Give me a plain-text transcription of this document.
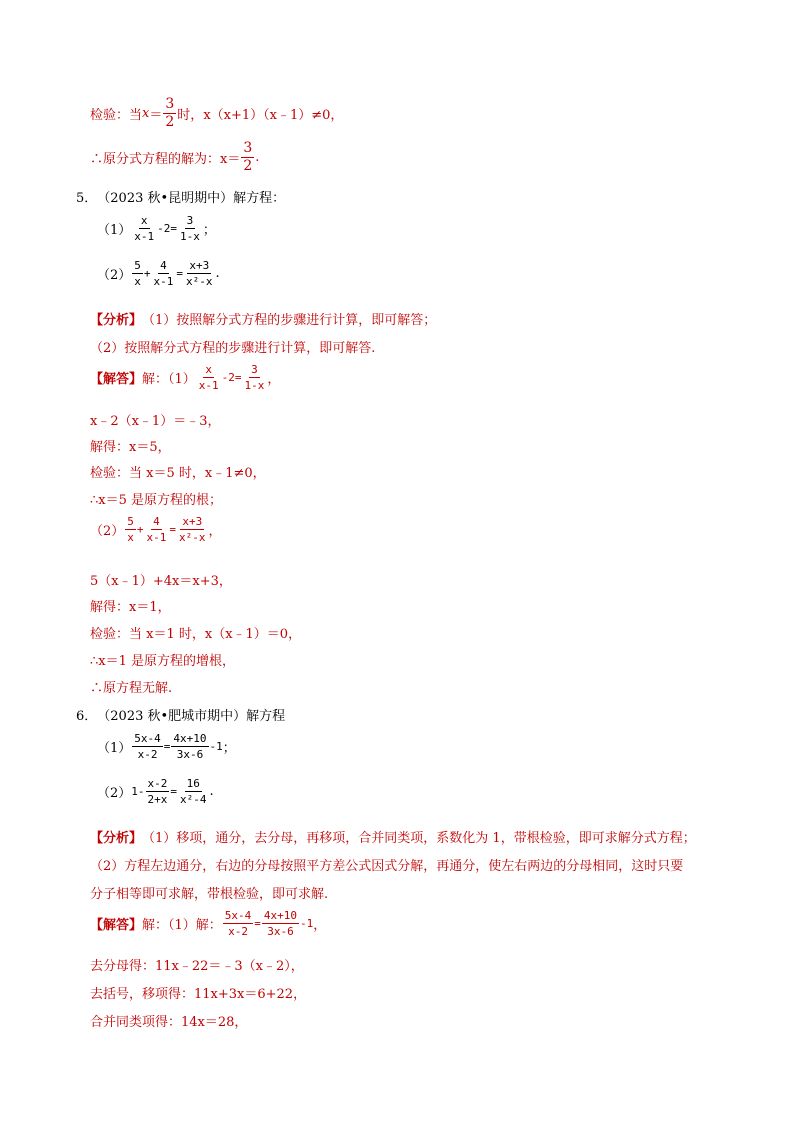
检验：当 $x = \frac{3}{2}$ 时， x（x+1）（x﹣1）≠0，
∴原分式方程的解为： $x= \frac{3}{2}$ .
5． （2023 秋•昆明期中）解方程：
$(1) \frac{x}{x-1} -2= \frac{3}{1-x}$ ；
$(2) \frac{5}{x} + \frac{4}{x-1} = \frac{x+3}{\text{x²-x}}$ .
【分析】 （1）按照解分式方程的步骤进行计算，即可解答；
（2）按照解分式方程的步骤进行计算，即可解答.
【解答】 解：$(1) \frac{x}{x-1} -2= \frac{3}{1-x}$ ，
x﹣2（x﹣1）＝﹣3，
解得：x＝5，
检验：当 x＝5 时，x﹣1≠0，
∴x＝5 是原方程的根；
$(2) \frac{5}{x} + \frac{4}{x-1} = \frac{x+3}{\text{x²-x}}$ ，
5（x﹣1）+4x＝x+3，
解得：x＝1，
检验：当 x＝1 时，x（x﹣1）＝0，
∴x＝1 是原方程的增根，
∴原方程无解.
6． （2023 秋•肥城市期中）解方程
$(1) \frac{5x-4}{x-2} = \frac{4x+10}{3x-6} -1$ ；
（2） $1- \frac{x-2}{2+x} = \frac{16}{\text{x²-4}}$ .
【分析】 （1）移项，通分，去分母，再移项，合并同类项，系数化为 1，带根检验，即可求解分式方程；
（2）方程左边通分，右边的分母按照平方差公式因式分解，再通分，使左右两边的分母相同，这时只要
分子相等即可求解，带根检验，即可求解.
【解答】 解：（1）解： $\frac{5x-4}{x-2} = \frac{4x+10}{3x-6} -1$ ，
去分母得：11x﹣22＝﹣3（x﹣2），
去括号，移项得：11x+3x＝6+22，
合并同类项得：14x＝28，
